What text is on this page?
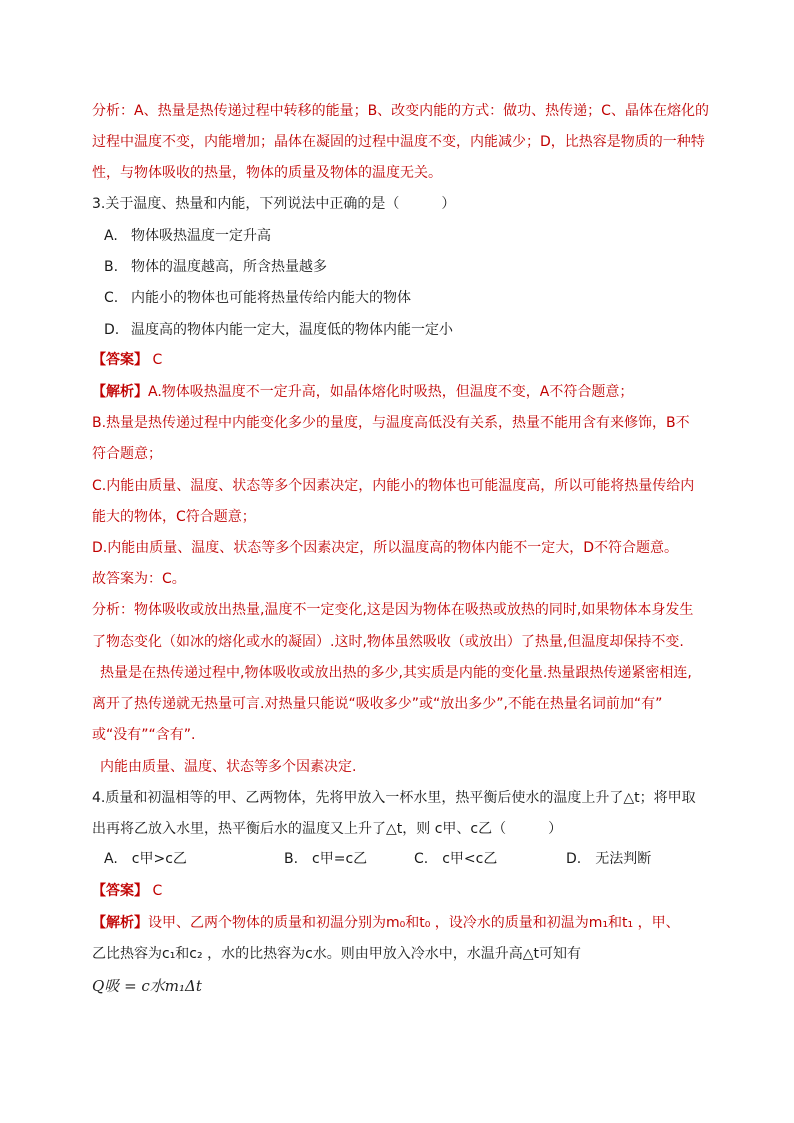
分析：A、热量是热传递过程中转移的能量；B、改变内能的方式：做功、热传递；C、晶体在熔化的
过程中温度不变，内能增加；晶体在凝固的过程中温度不变，内能减少；D，比热容是物质的一种特
性，与物体吸收的热量，物体的质量及物体的温度无关。
3.关于温度、热量和内能，下列说法中正确的是（　　　）
A. 物体吸热温度一定升高
B. 物体的温度越高，所含热量越多
C. 内能小的物体也可能将热量传给内能大的物体
D. 温度高的物体内能一定大，温度低的物体内能一定小
【答案】 C
【解析】A.物体吸热温度不一定升高，如晶体熔化时吸热，但温度不变，A不符合题意；
B.热量是热传递过程中内能变化多少的量度，与温度高低没有关系，热量不能用含有来修饰，B不
符合题意；
C.内能由质量、温度、状态等多个因素决定，内能小的物体也可能温度高，所以可能将热量传给内
能大的物体，C符合题意；
D.内能由质量、温度、状态等多个因素决定，所以温度高的物体内能不一定大，D不符合题意。
故答案为：C。
分析：物体吸收或放出热量,温度不一定变化,这是因为物体在吸热或放热的同时,如果物体本身发生
了物态变化（如冰的熔化或水的凝固）.这时,物体虽然吸收（或放出）了热量,但温度却保持不变.
热量是在热传递过程中,物体吸收或放出热的多少,其实质是内能的变化量.热量跟热传递紧密相连,
离开了热传递就无热量可言.对热量只能说“吸收多少”或“放出多少”,不能在热量名词前加“有”
或“没有”“含有”.
内能由质量、温度、状态等多个因素决定.
4.质量和初温相等的甲、乙两物体，先将甲放入一杯水里，热平衡后使水的温度上升了△t；将甲取
出再将乙放入水里，热平衡后水的温度又上升了△t，则 c甲、c乙（　　　）
A.　c甲>c乙	B.　c甲=c乙	C.　c甲<c乙	D.　无法判断
【答案】 C
【解析】设甲、乙两个物体的质量和初温分别为m₀和t₀ ，设冷水的质量和初温为m₁和t₁ ，甲、
乙比热容为c₁和c₂ ，水的比热容为c水。则由甲放入冷水中，水温升高△t可知有
Q吸 = c水m₁Δt
